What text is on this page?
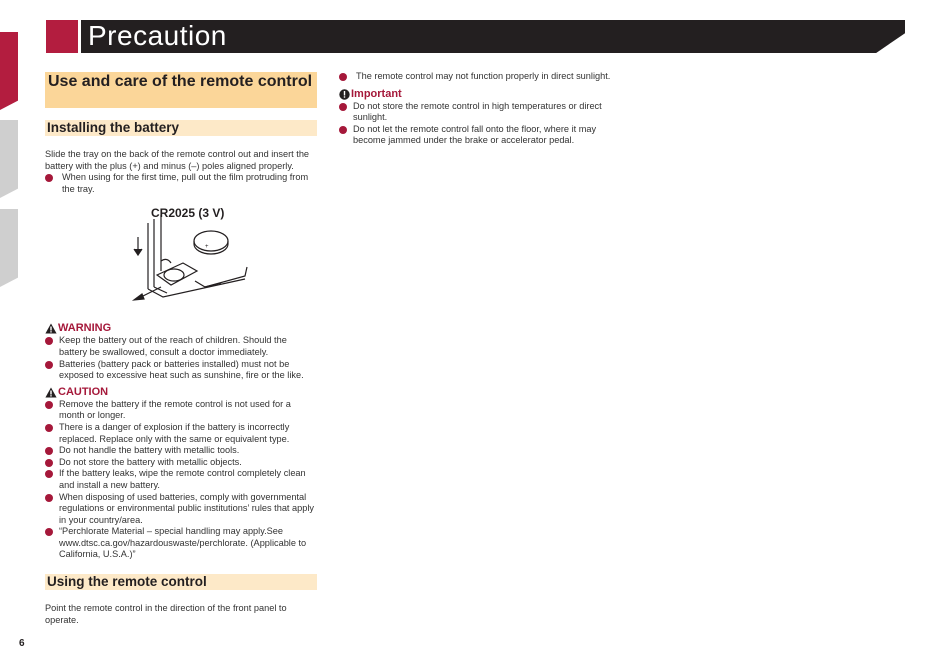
Precaution
Use and care of the remote control
Installing the battery
Slide the tray on the back of the remote control out and insert the battery with the plus (+) and minus (–) poles aligned properly.
When using for the first time, pull out the film protruding from the tray.
CR2025 (3 V)
+
WARNING
Keep the battery out of the reach of children. Should the battery be swallowed, consult a doctor immediately.
Batteries (battery pack or batteries installed) must not be exposed to excessive heat such as sunshine, fire or the like.
CAUTION
Remove the battery if the remote control is not used for a month or longer.
There is a danger of explosion if the battery is incorrectly replaced. Replace only with the same or equivalent type.
Do not handle the battery with metallic tools.
Do not store the battery with metallic objects.
If the battery leaks, wipe the remote control completely clean and install a new battery.
When disposing of used batteries, comply with governmental regulations or environmental public institutions’ rules that apply in your country/area.
“Perchlorate Material – special handling may apply.See www.dtsc.ca.gov/hazardouswaste/perchlorate. (Applicable to California, U.S.A.)”
Using the remote control
Point the remote control in the direction of the front panel to operate.
The remote control may not function properly in direct sunlight.
Important
Do not store the remote control in high temperatures or direct sunlight.
Do not let the remote control fall onto the floor, where it may become jammed under the brake or accelerator pedal.
6
